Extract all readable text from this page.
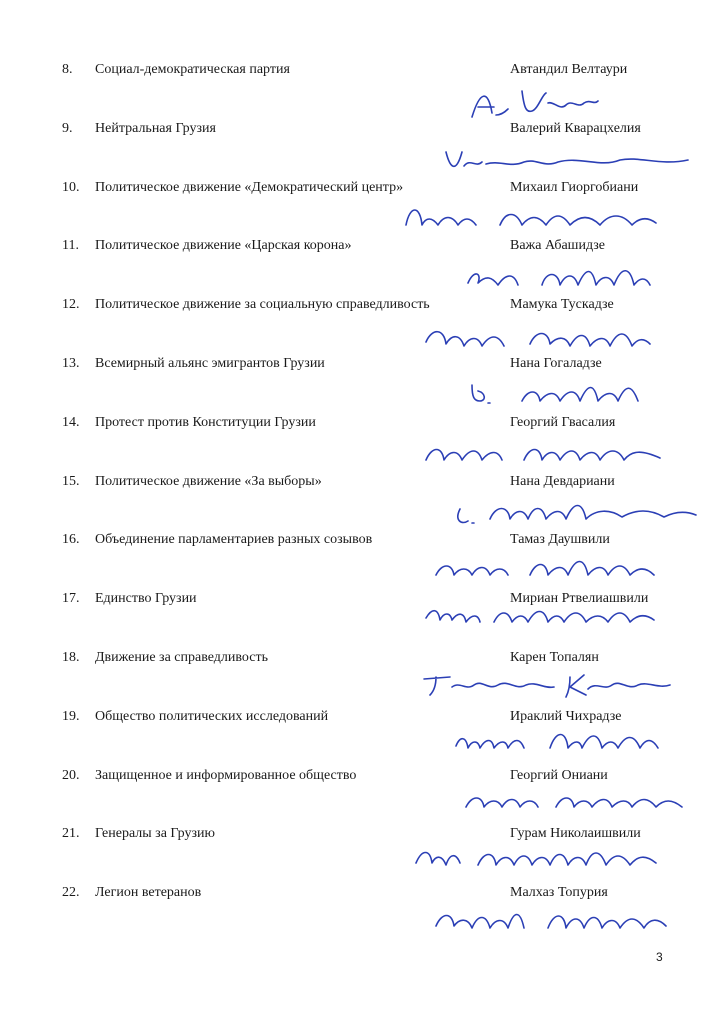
8. Социал-демократическая партия	Автандил Велтаури
9. Нейтральная Грузия	Валерий Кварацхелия
10. Политическое движение «Демократический центр»	Михаил Гиоргобиани
11. Политическое движение «Царская корона»	Важа Абашидзе
12. Политическое движение за социальную справедливость	Мамука Тускадзе
13. Всемирный альянс эмигрантов Грузии	Нана Гогаладзе
14. Протест против Конституции Грузии	Георгий Гвасалия
15. Политическое движение «За выборы»	Нана Девдариани
16. Объединение парламентариев разных созывов	Тамаз Даушвили
17. Единство Грузии	Мириан Ртвелиашвили
18. Движение за справедливость	Карен Топалян
19. Общество политических исследований	Ираклий Чихрадзе
20. Защищенное и информированное общество	Георгий Ониани
21. Генералы за Грузию	Гурам Николаишвили
22. Легион ветеранов	Малхаз Топурия
3
